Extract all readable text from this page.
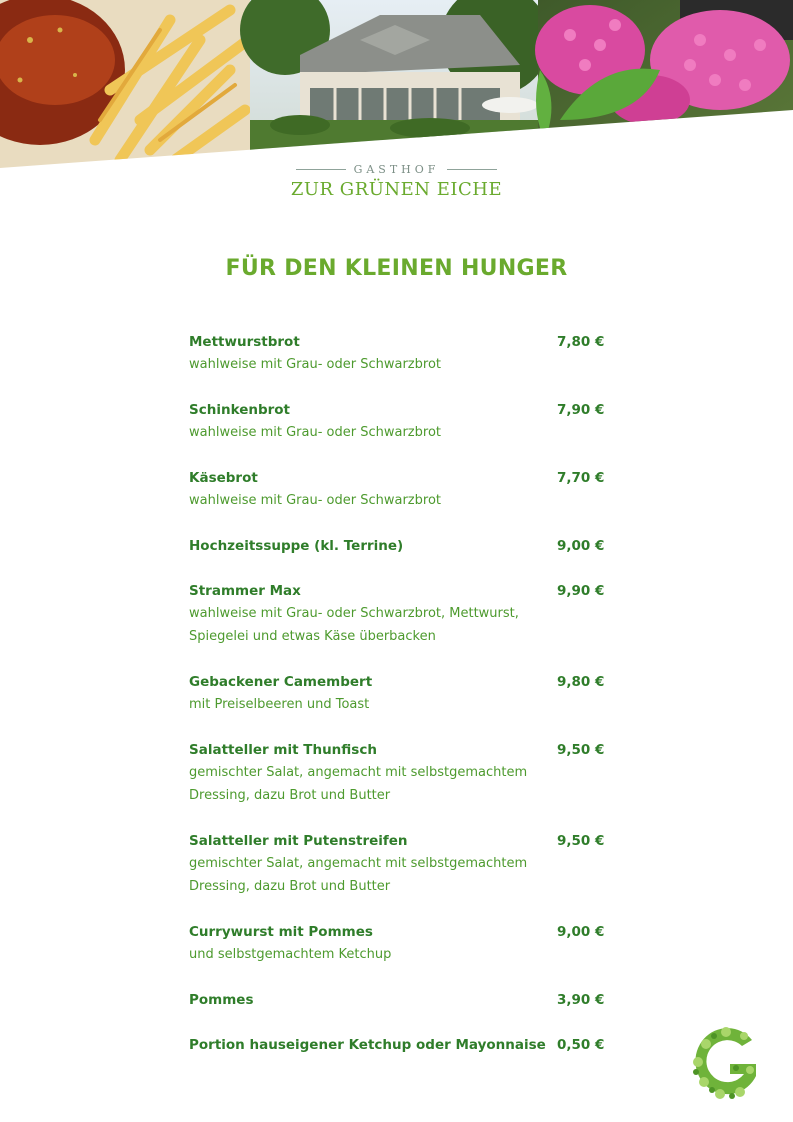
GASTHOF
ZUR GRÜNEN EICHE
FÜR DEN KLEINEN HUNGER
Mettwurstbrot	7,80 €
wahlweise mit Grau- oder Schwarzbrot
Schinkenbrot	7,90 €
wahlweise mit Grau- oder Schwarzbrot
Käsebrot	7,70 €
wahlweise mit Grau- oder Schwarzbrot
Hochzeitssuppe (kl. Terrine)	9,00 €
Strammer Max	9,90 €
wahlweise mit Grau- oder Schwarzbrot, Mettwurst,
Spiegelei und etwas Käse überbacken
Gebackener Camembert	9,80 €
mit Preiselbeeren und Toast
Salatteller mit Thunfisch	9,50 €
gemischter Salat, angemacht mit selbstgemachtem
Dressing, dazu Brot und Butter
Salatteller mit Putenstreifen	9,50 €
gemischter Salat, angemacht mit selbstgemachtem
Dressing, dazu Brot und Butter
Currywurst mit Pommes	9,00 €
und selbstgemachtem Ketchup
Pommes	3,90 €
Portion hauseigener Ketchup oder Mayonnaise 0,50 €
